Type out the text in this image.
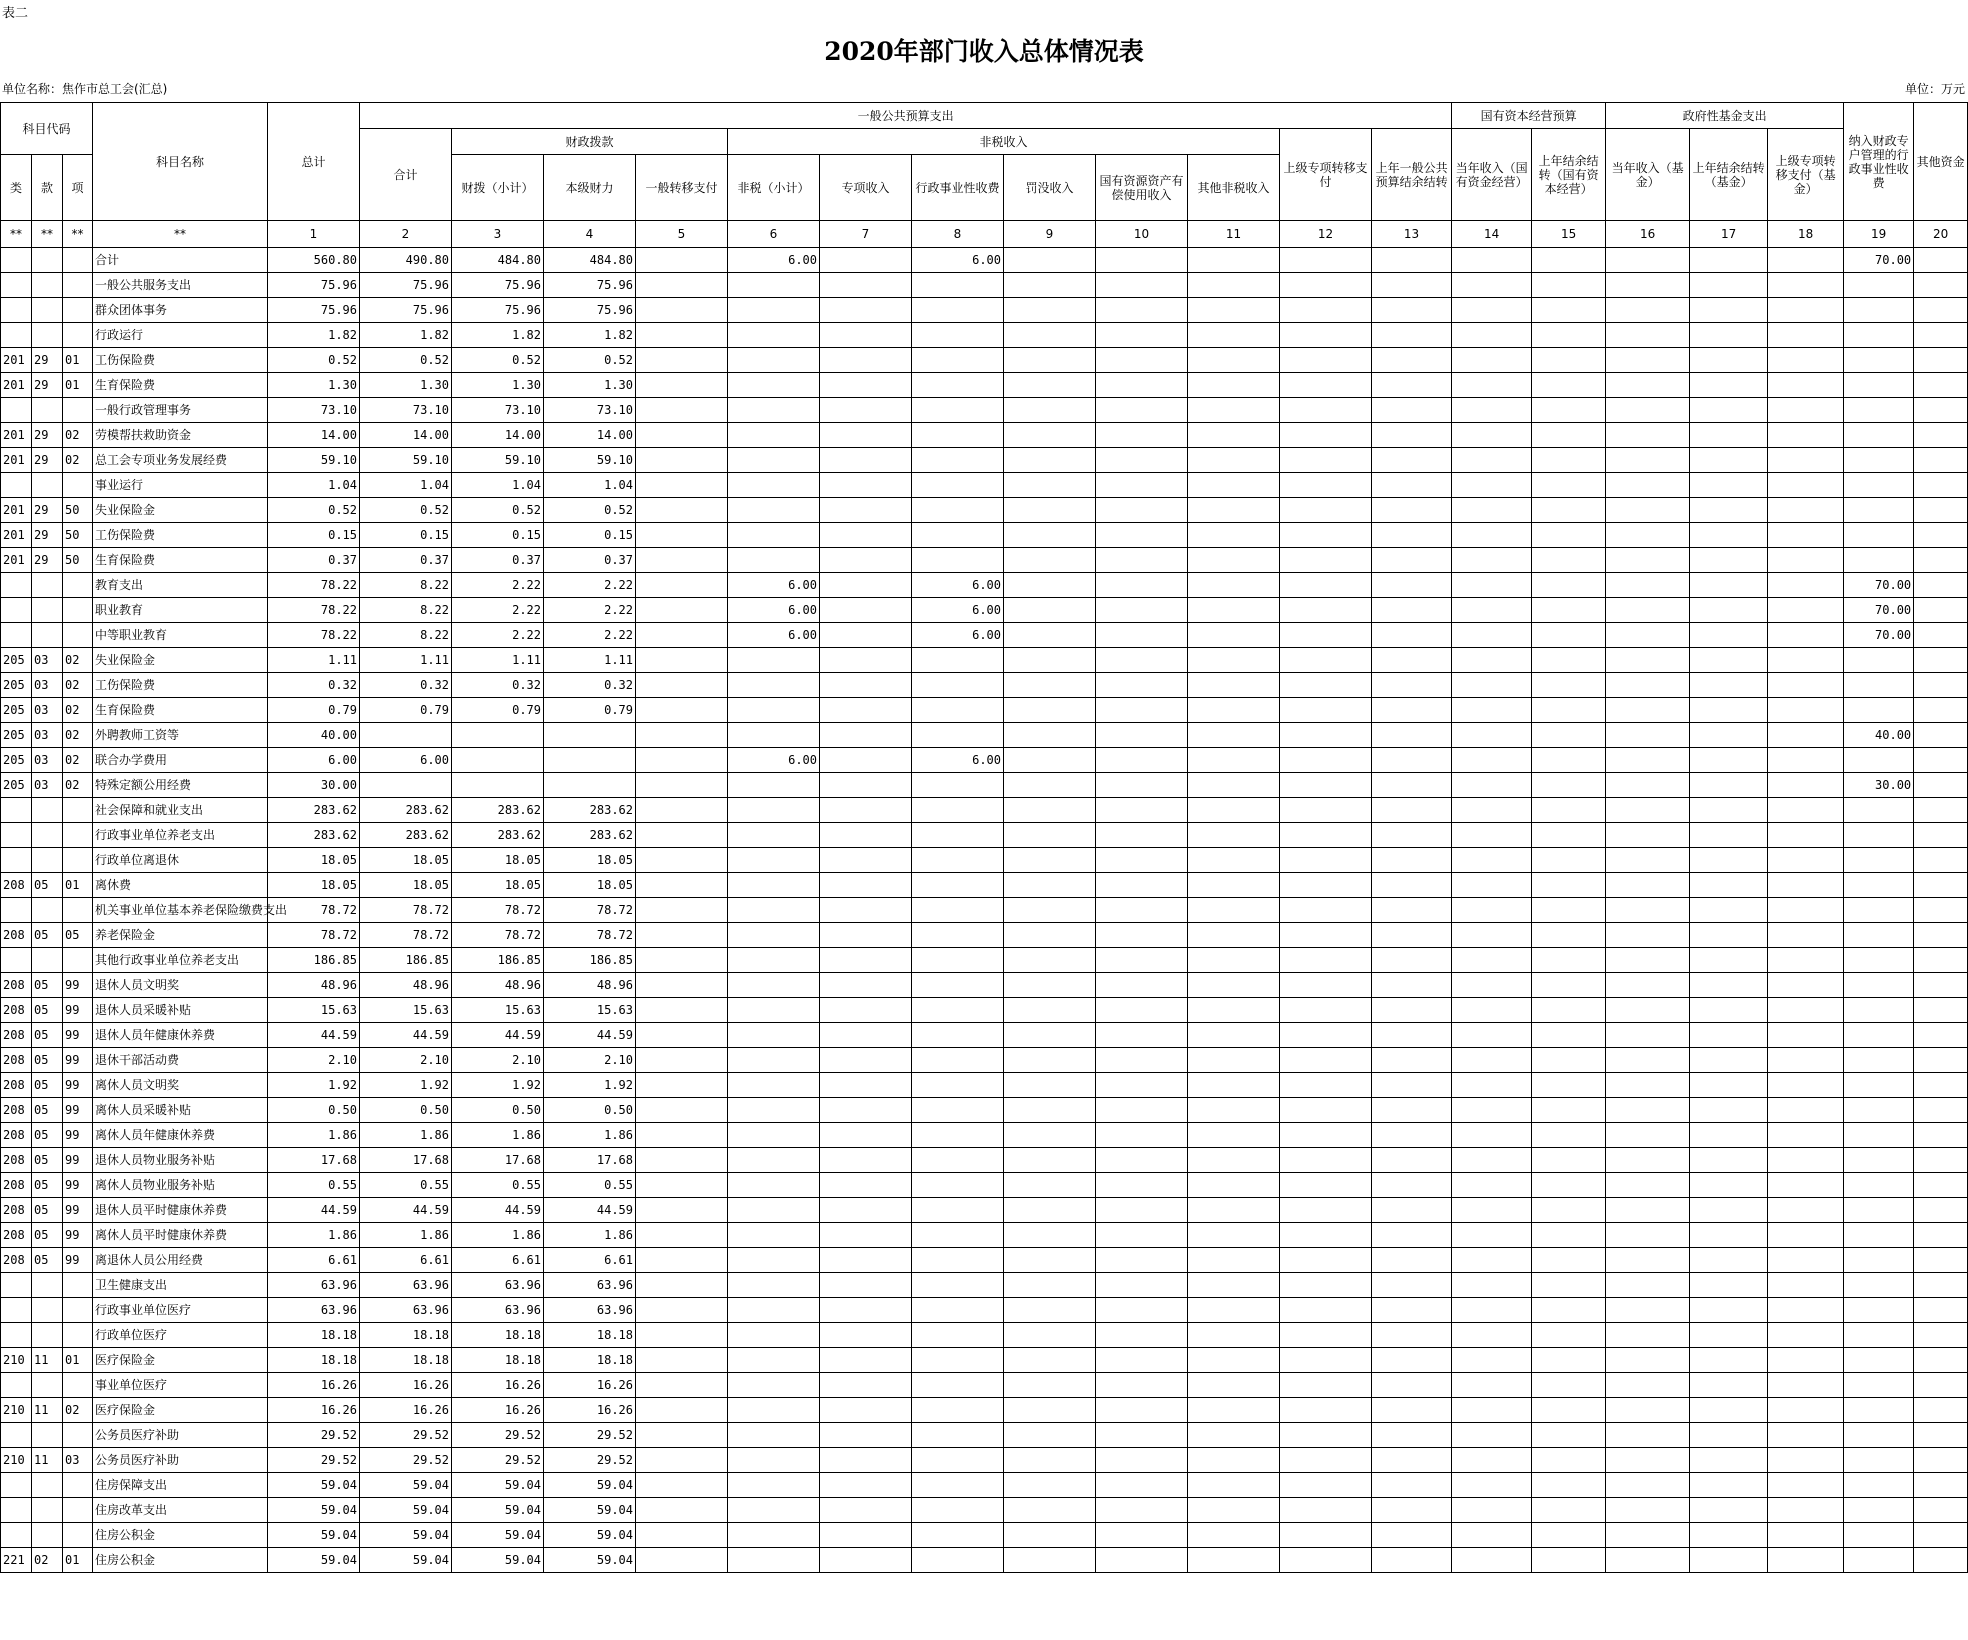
表二
2020年部门收入总体情况表
单位名称：焦作市总工会(汇总)	单位：万元
科目代码			科目名称	总计	一般公共预算支出												国有资本经营预算		政府性基金支出			纳入财政专户管理的行政事业性收费	其他资金
					合计	财政拨款			非税收入						上级专项转移支付	上年一般公共预算结余结转	当年收入（国有资金经营）	上年结余结转（国有资本经营）	当年收入（基金）	上年结余结转（基金）	上级专项转移支付（基金）		
类	款	项				财拨（小计）	本级财力	一般转移支付	非税（小计）	专项收入	行政事业性收费	罚没收入	国有资源资产有偿使用收入	其他非税收入									
**	**	**	**	1	2	3	4	5	6	7	8	9	10	11	12	13	14	15	16	17	18	19	20
			合计	560.80	490.80	484.80	484.80		6.00		6.00											70.00	
			一般公共服务支出	75.96	75.96	75.96	75.96																
			群众团体事务	75.96	75.96	75.96	75.96																
			行政运行	1.82	1.82	1.82	1.82																
201	29	01	工伤保险费	0.52	0.52	0.52	0.52																
201	29	01	生育保险费	1.30	1.30	1.30	1.30																
			一般行政管理事务	73.10	73.10	73.10	73.10																
201	29	02	劳模帮扶救助资金	14.00	14.00	14.00	14.00																
201	29	02	总工会专项业务发展经费	59.10	59.10	59.10	59.10																
			事业运行	1.04	1.04	1.04	1.04																
201	29	50	失业保险金	0.52	0.52	0.52	0.52																
201	29	50	工伤保险费	0.15	0.15	0.15	0.15																
201	29	50	生育保险费	0.37	0.37	0.37	0.37																
			教育支出	78.22	8.22	2.22	2.22		6.00		6.00											70.00	
			职业教育	78.22	8.22	2.22	2.22		6.00		6.00											70.00	
			中等职业教育	78.22	8.22	2.22	2.22		6.00		6.00											70.00	
205	03	02	失业保险金	1.11	1.11	1.11	1.11																
205	03	02	工伤保险费	0.32	0.32	0.32	0.32																
205	03	02	生育保险费	0.79	0.79	0.79	0.79																
205	03	02	外聘教师工资等	40.00																		40.00	
205	03	02	联合办学费用	6.00	6.00				6.00		6.00												
205	03	02	特殊定额公用经费	30.00																		30.00	
			社会保障和就业支出	283.62	283.62	283.62	283.62																
			行政事业单位养老支出	283.62	283.62	283.62	283.62																
			行政单位离退休	18.05	18.05	18.05	18.05																
208	05	01	离休费	18.05	18.05	18.05	18.05																
			机关事业单位基本养老保险缴费支出	78.72	78.72	78.72	78.72																
208	05	05	养老保险金	78.72	78.72	78.72	78.72																
			其他行政事业单位养老支出	186.85	186.85	186.85	186.85																
208	05	99	退休人员文明奖	48.96	48.96	48.96	48.96																
208	05	99	退休人员采暖补贴	15.63	15.63	15.63	15.63																
208	05	99	退休人员年健康休养费	44.59	44.59	44.59	44.59																
208	05	99	退休干部活动费	2.10	2.10	2.10	2.10																
208	05	99	离休人员文明奖	1.92	1.92	1.92	1.92																
208	05	99	离休人员采暖补贴	0.50	0.50	0.50	0.50																
208	05	99	离休人员年健康休养费	1.86	1.86	1.86	1.86																
208	05	99	退休人员物业服务补贴	17.68	17.68	17.68	17.68																
208	05	99	离休人员物业服务补贴	0.55	0.55	0.55	0.55																
208	05	99	退休人员平时健康休养费	44.59	44.59	44.59	44.59																
208	05	99	离休人员平时健康休养费	1.86	1.86	1.86	1.86																
208	05	99	离退休人员公用经费	6.61	6.61	6.61	6.61																
			卫生健康支出	63.96	63.96	63.96	63.96																
			行政事业单位医疗	63.96	63.96	63.96	63.96																
			行政单位医疗	18.18	18.18	18.18	18.18																
210	11	01	医疗保险金	18.18	18.18	18.18	18.18																
			事业单位医疗	16.26	16.26	16.26	16.26																
210	11	02	医疗保险金	16.26	16.26	16.26	16.26																
			公务员医疗补助	29.52	29.52	29.52	29.52																
210	11	03	公务员医疗补助	29.52	29.52	29.52	29.52																
			住房保障支出	59.04	59.04	59.04	59.04																
			住房改革支出	59.04	59.04	59.04	59.04																
			住房公积金	59.04	59.04	59.04	59.04																
221	02	01	住房公积金	59.04	59.04	59.04	59.04																
